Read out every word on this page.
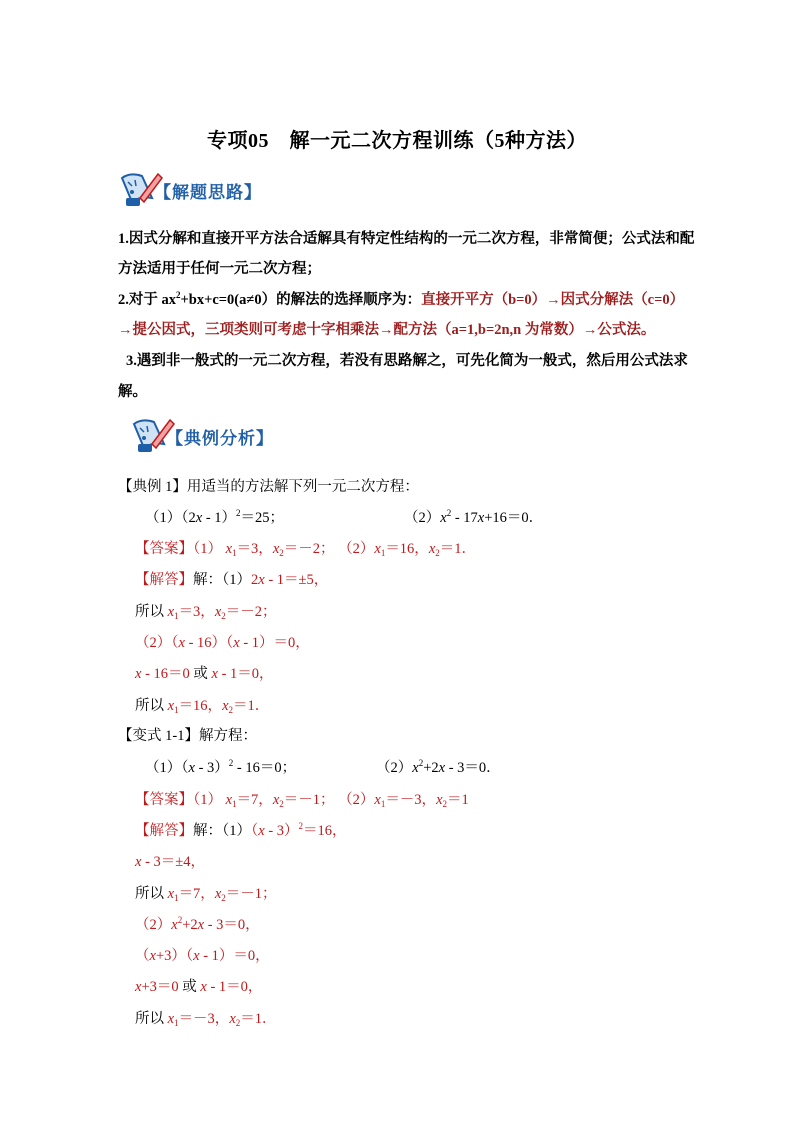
专项05　解一元二次方程训练（5种方法）
【解题思路】
1.因式分解和直接开平方法合适解具有特定性结构的一元二次方程，非常简便；公式法和配
方法适用于任何一元二次方程；
2.对于 $ax^2+bx+c=0(a\ne 0)$的解法的选择顺序为：直接开平方（b=0）→因式分解法（c=0）
→提公因式，三项类则可考虑十字相乘法→配方法（a=1,b=2n,n 为常数）→公式法。
3.遇到非一般式的一元二次方程，若没有思路解之，可先化简为一般式，然后用公式法求
解。
【典例分析】
【典例 1】用适当的方法解下列一元二次方程：
（1）（2x - 1）$^2$＝25；	$(2)x^2 - 17x+16=0$．
【答案】（1） $x_1=3$，$x_2=-2$； $(2)x_1=16$，$x_2=1$．
【解答】解：（1）2x - 1＝±5，
所以 $x_1=3$，$x_2=-2$；
（2）（x - 16）（x - 1）＝0，
x - 16＝0 或 x - 1＝0，
所以 $x_1=16$，$x_2=1$．
【变式 1-1】解方程：
（1）（x - 3）$^2$ - 16＝0；	$(2)x^2+2x - 3=0$．
【答案】（1） $x_1=7$，$x_2=-1$； $(2)x_1=-3$，$x_2=1$
【解答】解：（1）（x - 3）$^2$＝16，
x - 3＝±4，
所以 $x_1=7$，$x_2=-1$；
$(2)x^2+2x - 3=0$，
（x+3）（x - 1）＝0，
x+3＝0 或 x - 1＝0，
所以 $x_1=-3$，$x_2=1$．
